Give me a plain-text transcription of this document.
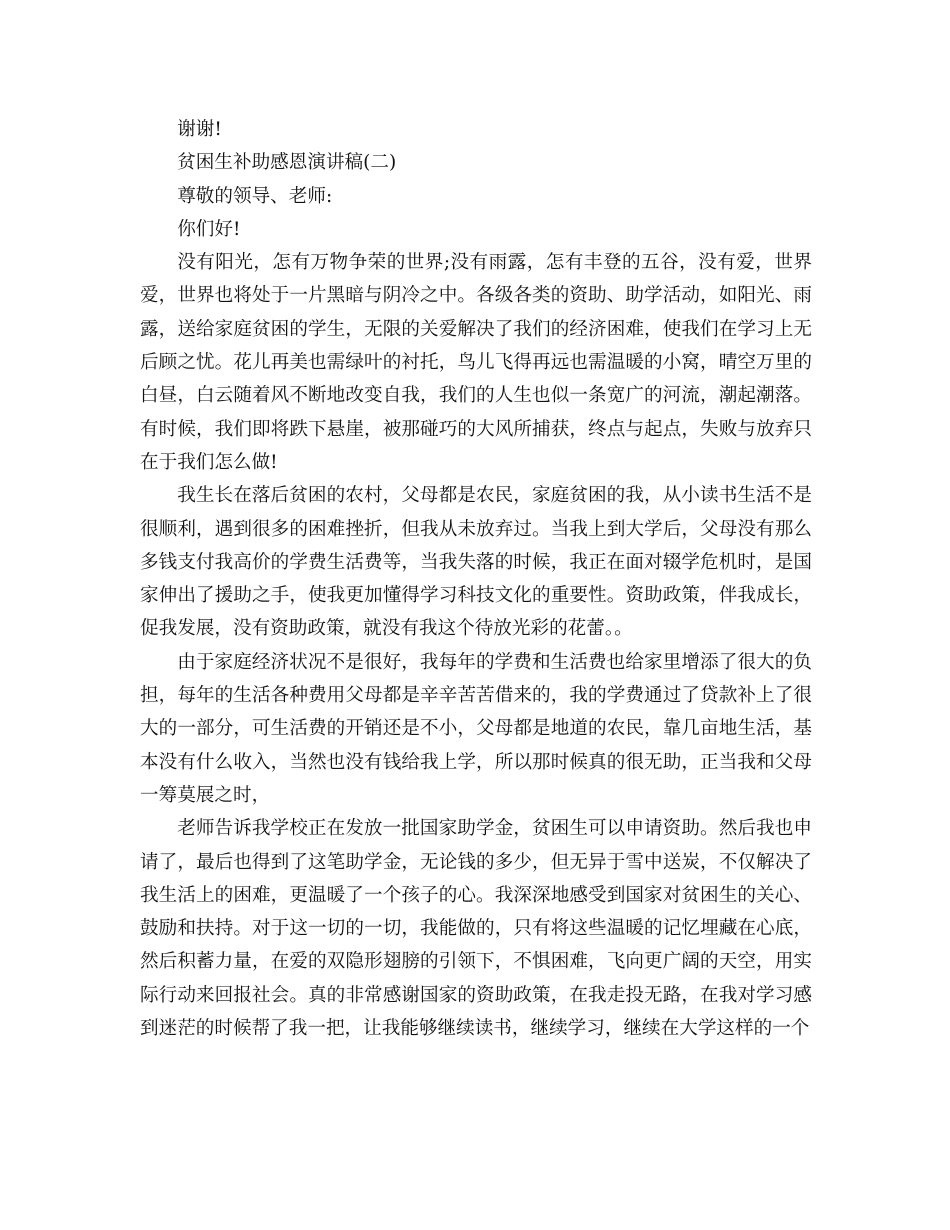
谢谢!

贫困生补助感恩演讲稿(二)

尊敬的领导、老师:

你们好!

没有阳光，怎有万物争荣的世界;没有雨露，怎有丰登的五谷，没有爱，世界爱，世界也将处于一片黑暗与阴冷之中。各级各类的资助、助学活动，如阳光、雨露，送给家庭贫困的学生，无限的关爱解决了我们的经济困难，使我们在学习上无后顾之忧。花儿再美也需绿叶的衬托，鸟儿飞得再远也需温暖的小窝，晴空万里的白昼，白云随着风不断地改变自我，我们的人生也似一条宽广的河流，潮起潮落。有时候，我们即将跌下悬崖，被那碰巧的大风所捕获，终点与起点，失败与放弃只在于我们怎么做!

我生长在落后贫困的农村，父母都是农民，家庭贫困的我，从小读书生活不是很顺利，遇到很多的困难挫折，但我从未放弃过。当我上到大学后，父母没有那么多钱支付我高价的学费生活费等，当我失落的时候，我正在面对辍学危机时，是国家伸出了援助之手，使我更加懂得学习科技文化的重要性。资助政策，伴我成长，促我发展，没有资助政策，就没有我这个待放光彩的花蕾。。

由于家庭经济状况不是很好，我每年的学费和生活费也给家里增添了很大的负担，每年的生活各种费用父母都是辛辛苦苦借来的，我的学费通过了贷款补上了很大的一部分，可生活费的开销还是不小，父母都是地道的农民，靠几亩地生活，基本没有什么收入，当然也没有钱给我上学，所以那时候真的很无助，正当我和父母一筹莫展之时，

老师告诉我学校正在发放一批国家助学金，贫困生可以申请资助。然后我也申请了，最后也得到了这笔助学金，无论钱的多少，但无异于雪中送炭，不仅解决了我生活上的困难，更温暖了一个孩子的心。我深深地感受到国家对贫困生的关心、鼓励和扶持。对于这一切的一切，我能做的，只有将这些温暖的记忆埋藏在心底，然后积蓄力量，在爱的双隐形翅膀的引领下，不惧困难，飞向更广阔的天空，用实际行动来回报社会。真的非常感谢国家的资助政策，在我走投无路，在我对学习感到迷茫的时候帮了我一把，让我能够继续读书，继续学习，继续在大学这样的一个
